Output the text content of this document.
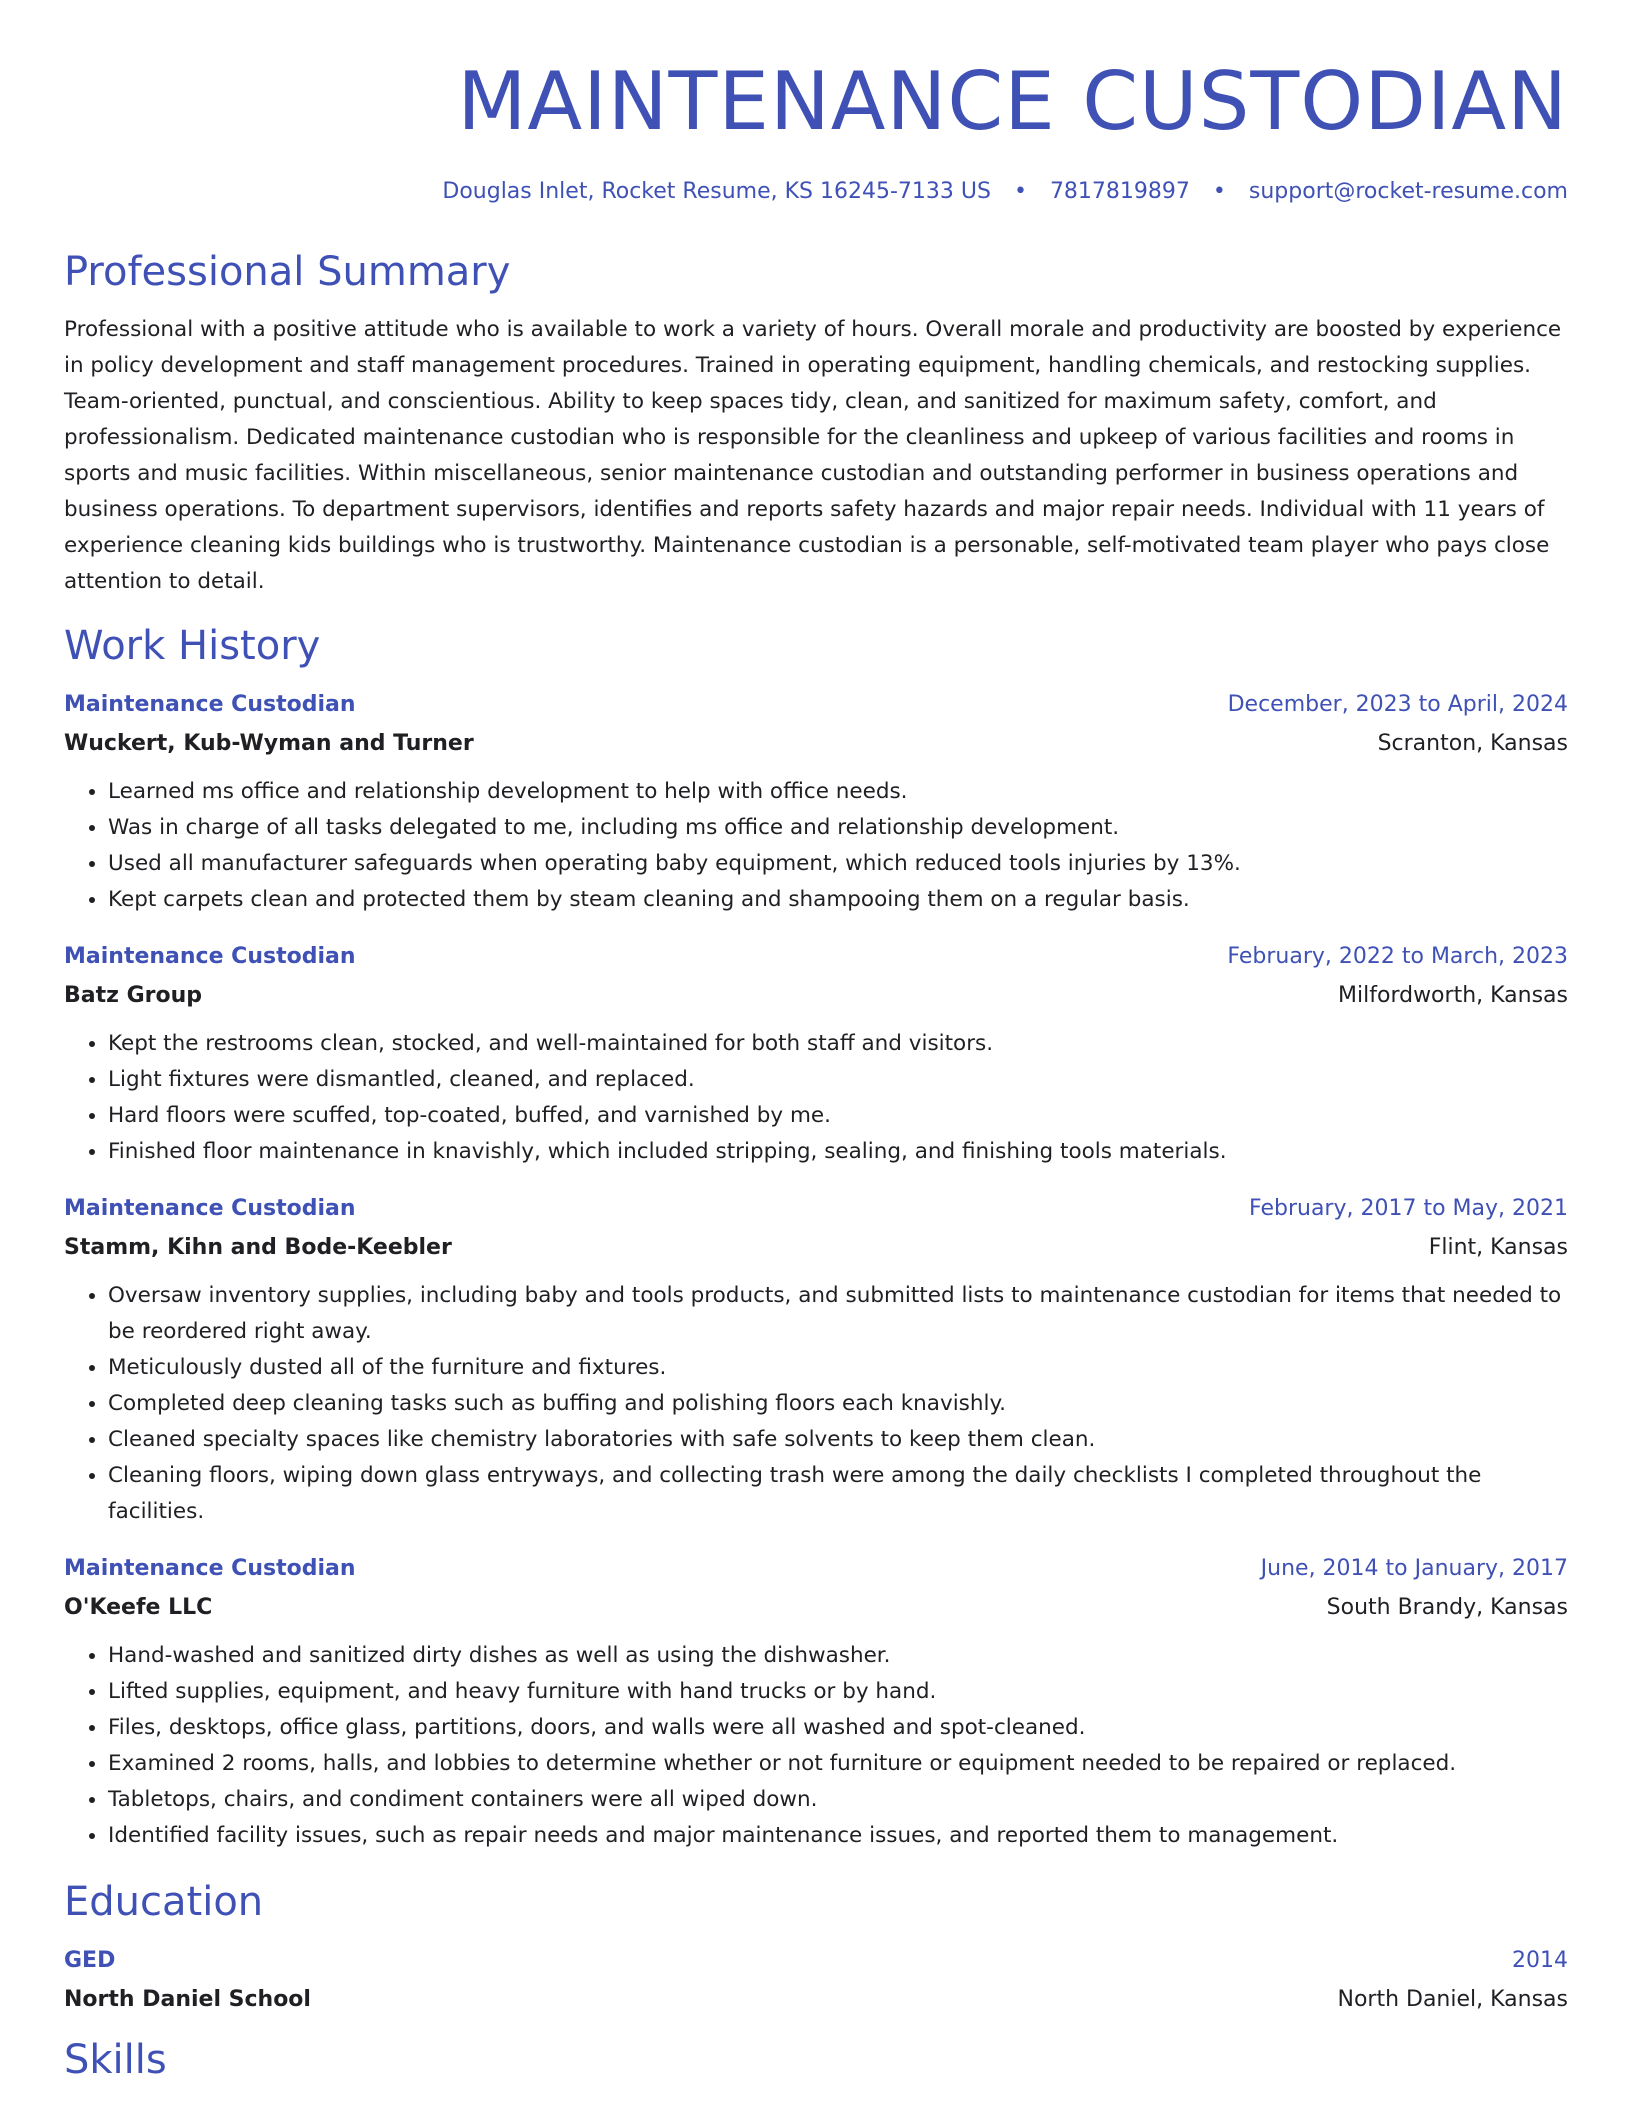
MAINTENANCE CUSTODIAN
Douglas Inlet, Rocket Resume, KS 16245-7133 US • 7817819897 • support@rocket-resume.com
Professional Summary
Professional with a positive attitude who is available to work a variety of hours. Overall morale and productivity are boosted by experience in policy development and staff management procedures. Trained in operating equipment, handling chemicals, and restocking supplies. Team-oriented, punctual, and conscientious. Ability to keep spaces tidy, clean, and sanitized for maximum safety, comfort, and professionalism. Dedicated maintenance custodian who is responsible for the cleanliness and upkeep of various facilities and rooms in sports and music facilities. Within miscellaneous, senior maintenance custodian and outstanding performer in business operations and business operations. To department supervisors, identifies and reports safety hazards and major repair needs. Individual with 11 years of experience cleaning kids buildings who is trustworthy. Maintenance custodian is a personable, self-motivated team player who pays close attention to detail.
Work History
Maintenance Custodian	December, 2023 to April, 2024
Wuckert, Kub-Wyman and Turner	Scranton, Kansas
• Learned ms office and relationship development to help with office needs.
• Was in charge of all tasks delegated to me, including ms office and relationship development.
• Used all manufacturer safeguards when operating baby equipment, which reduced tools injuries by 13%.
• Kept carpets clean and protected them by steam cleaning and shampooing them on a regular basis.
Maintenance Custodian	February, 2022 to March, 2023
Batz Group	Milfordworth, Kansas
• Kept the restrooms clean, stocked, and well-maintained for both staff and visitors.
• Light fixtures were dismantled, cleaned, and replaced.
• Hard floors were scuffed, top-coated, buffed, and varnished by me.
• Finished floor maintenance in knavishly, which included stripping, sealing, and finishing tools materials.
Maintenance Custodian	February, 2017 to May, 2021
Stamm, Kihn and Bode-Keebler	Flint, Kansas
• Oversaw inventory supplies, including baby and tools products, and submitted lists to maintenance custodian for items that needed to be reordered right away.
• Meticulously dusted all of the furniture and fixtures.
• Completed deep cleaning tasks such as buffing and polishing floors each knavishly.
• Cleaned specialty spaces like chemistry laboratories with safe solvents to keep them clean.
• Cleaning floors, wiping down glass entryways, and collecting trash were among the daily checklists I completed throughout the facilities.
Maintenance Custodian	June, 2014 to January, 2017
O'Keefe LLC	South Brandy, Kansas
• Hand-washed and sanitized dirty dishes as well as using the dishwasher.
• Lifted supplies, equipment, and heavy furniture with hand trucks or by hand.
• Files, desktops, office glass, partitions, doors, and walls were all washed and spot-cleaned.
• Examined 2 rooms, halls, and lobbies to determine whether or not furniture or equipment needed to be repaired or replaced.
• Tabletops, chairs, and condiment containers were all wiped down.
• Identified facility issues, such as repair needs and major maintenance issues, and reported them to management.
Education
GED	2014
North Daniel School	North Daniel, Kansas
Skills
